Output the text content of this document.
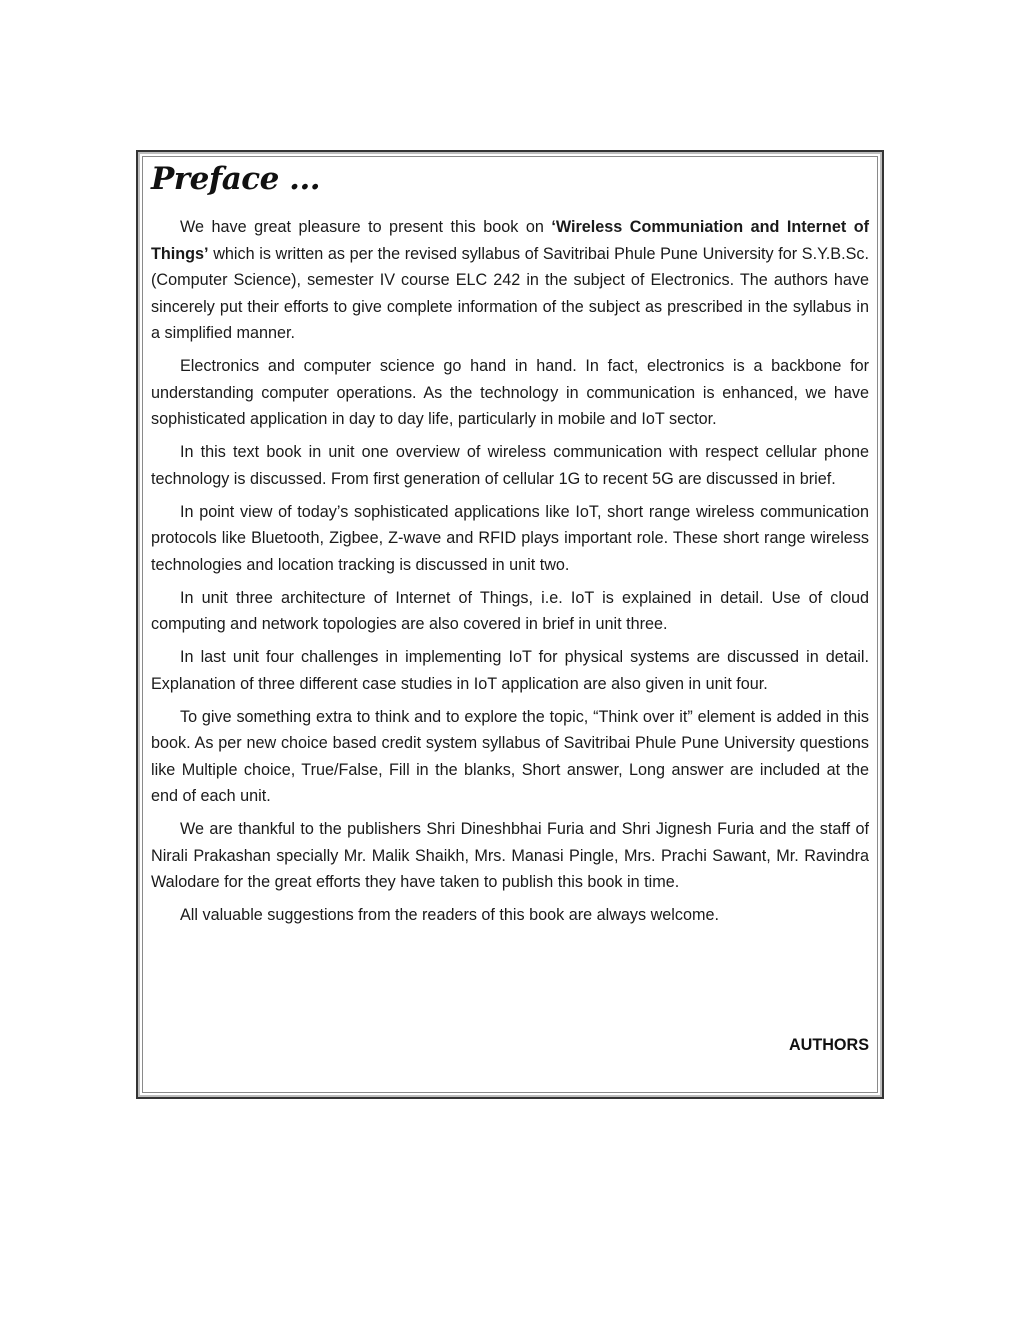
Preface ...

We have great pleasure to present this book on ‘Wireless Communiation and Internet of Things’ which is written as per the revised syllabus of Savitribai Phule Pune University for S.Y.B.Sc. (Computer Science), semester IV course ELC 242 in the subject of Electronics. The authors have sincerely put their efforts to give complete information of the subject as prescribed in the syllabus in a simplified manner.

Electronics and computer science go hand in hand. In fact, electronics is a backbone for understanding computer operations. As the technology in communication is enhanced, we have sophisticated application in day to day life, particularly in mobile and IoT sector.

In this text book in unit one overview of wireless communication with respect cellular phone technology is discussed. From first generation of cellular 1G to recent 5G are discussed in brief.

In point view of today’s sophisticated applications like IoT, short range wireless communication protocols like Bluetooth, Zigbee, Z-wave and RFID plays important role. These short range wireless technologies and location tracking is discussed in unit two.

In unit three architecture of Internet of Things, i.e. IoT is explained in detail. Use of cloud computing and network topologies are also covered in brief in unit three.

In last unit four challenges in implementing IoT for physical systems are discussed in detail. Explanation of three different case studies in IoT application are also given in unit four.

To give something extra to think and to explore the topic, “Think over it” element is added in this book. As per new choice based credit system syllabus of Savitribai Phule Pune University questions like Multiple choice, True/False, Fill in the blanks, Short answer, Long answer are included at the end of each unit.

We are thankful to the publishers Shri Dineshbhai Furia and Shri Jignesh Furia and the staff of Nirali Prakashan specially Mr. Malik Shaikh, Mrs. Manasi Pingle, Mrs. Prachi Sawant, Mr. Ravindra Walodare for the great efforts they have taken to publish this book in time.

All valuable suggestions from the readers of this book are always welcome.

AUTHORS
